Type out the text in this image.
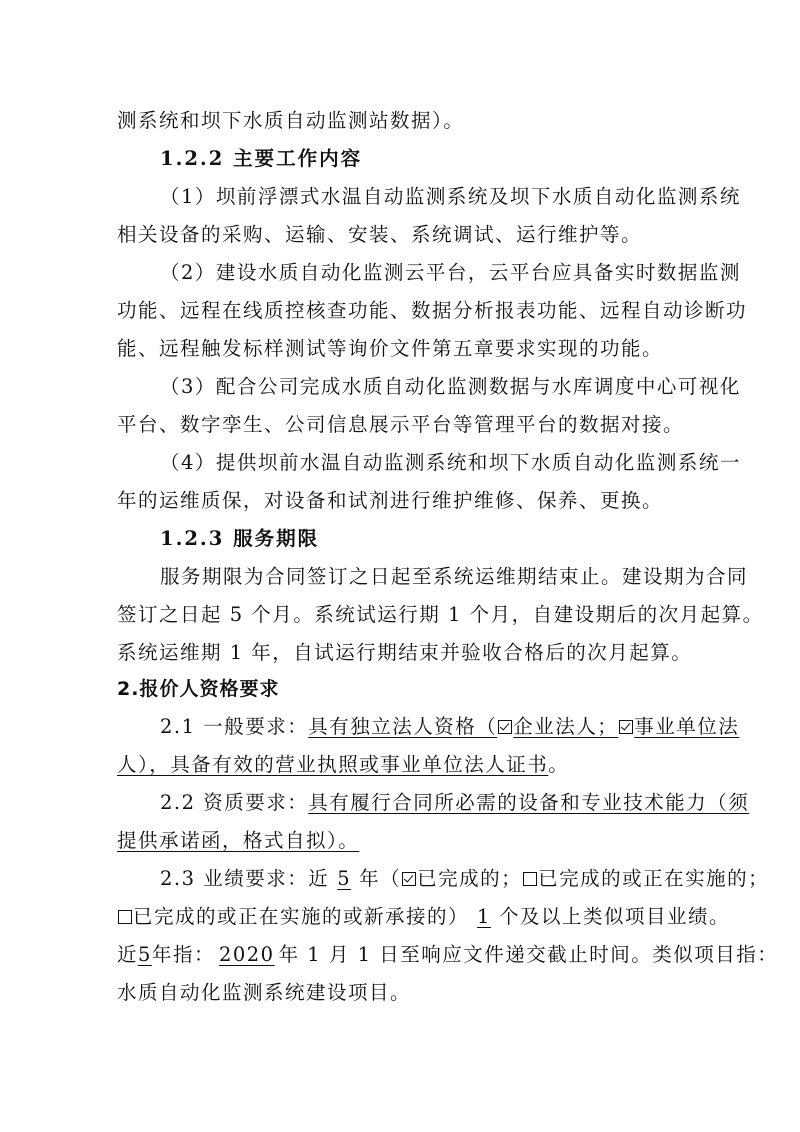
测系统和坝下水质自动监测站数据）。
1.2.2 主要工作内容
（1）坝前浮漂式水温自动监测系统及坝下水质自动化监测系统
相关设备的采购、运输、安装、系统调试、运行维护等。
（2）建设水质自动化监测云平台，云平台应具备实时数据监测
功能、远程在线质控核查功能、数据分析报表功能、远程自动诊断功
能、远程触发标样测试等询价文件第五章要求实现的功能。
（3）配合公司完成水质自动化监测数据与水库调度中心可视化
平台、数字孪生、公司信息展示平台等管理平台的数据对接。
（4）提供坝前水温自动监测系统和坝下水质自动化监测系统一
年的运维质保，对设备和试剂进行维护维修、保养、更换。
1.2.3 服务期限
服务期限为合同签订之日起至系统运维期结束止。建设期为合同
签订之日起 5 个月。系统试运行期 1 个月，自建设期后的次月起算。
系统运维期 1 年，自试运行期结束并验收合格后的次月起算。
2.报价人资格要求
2.1 一般要求：具有独立法人资格（ 企业法人； 事业单位法
人），具备有效的营业执照或事业单位法人证书。
2.2 资质要求：具有履行合同所必需的设备和专业技术能力（须
提供承诺函，格式自拟）。
2.3 业绩要求：近 5 年（ 已完成的； 已完成的或正在实施的；
已完成的或正在实施的或新承接的） 1 个及以上类似项目业绩。
近5年指： 2020 年 1 月 1 日至响应文件递交截止时间。类似项目指：
水质自动化监测系统建设项目。
